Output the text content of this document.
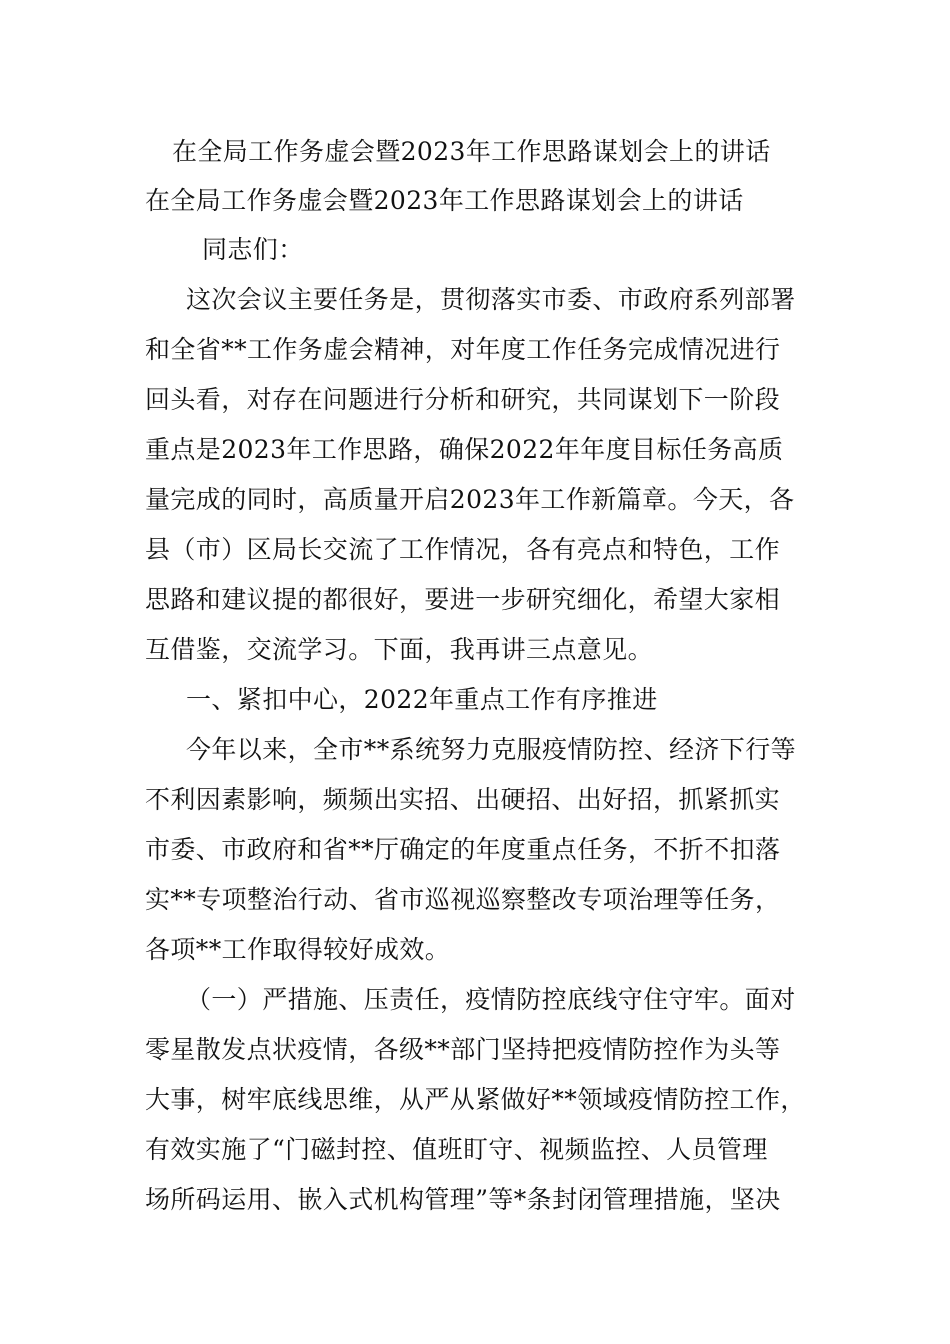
在全局工作务虚会暨2023年工作思路谋划会上的讲话
在全局工作务虚会暨2023年工作思路谋划会上的讲话
同志们：
这次会议主要任务是，贯彻落实市委、市政府系列部署
和全省**工作务虚会精神，对年度工作任务完成情况进行
回头看，对存在问题进行分析和研究，共同谋划下一阶段
重点是2023年工作思路，确保2022年年度目标任务高质
量完成的同时，高质量开启2023年工作新篇章。今天，各
县（市）区局长交流了工作情况，各有亮点和特色，工作
思路和建议提的都很好，要进一步研究细化，希望大家相
互借鉴，交流学习。下面，我再讲三点意见。
一、紧扣中心，2022年重点工作有序推进
今年以来，全市**系统努力克服疫情防控、经济下行等
不利因素影响，频频出实招、出硬招、出好招，抓紧抓实
市委、市政府和省**厅确定的年度重点任务，不折不扣落
实**专项整治行动、省市巡视巡察整改专项治理等任务，
各项**工作取得较好成效。
（一）严措施、压责任，疫情防控底线守住守牢。面对
零星散发点状疫情，各级**部门坚持把疫情防控作为头等
大事，树牢底线思维，从严从紧做好**领域疫情防控工作，
有效实施了“门磁封控、值班盯守、视频监控、人员管理
场所码运用、嵌入式机构管理”等*条封闭管理措施，坚决
